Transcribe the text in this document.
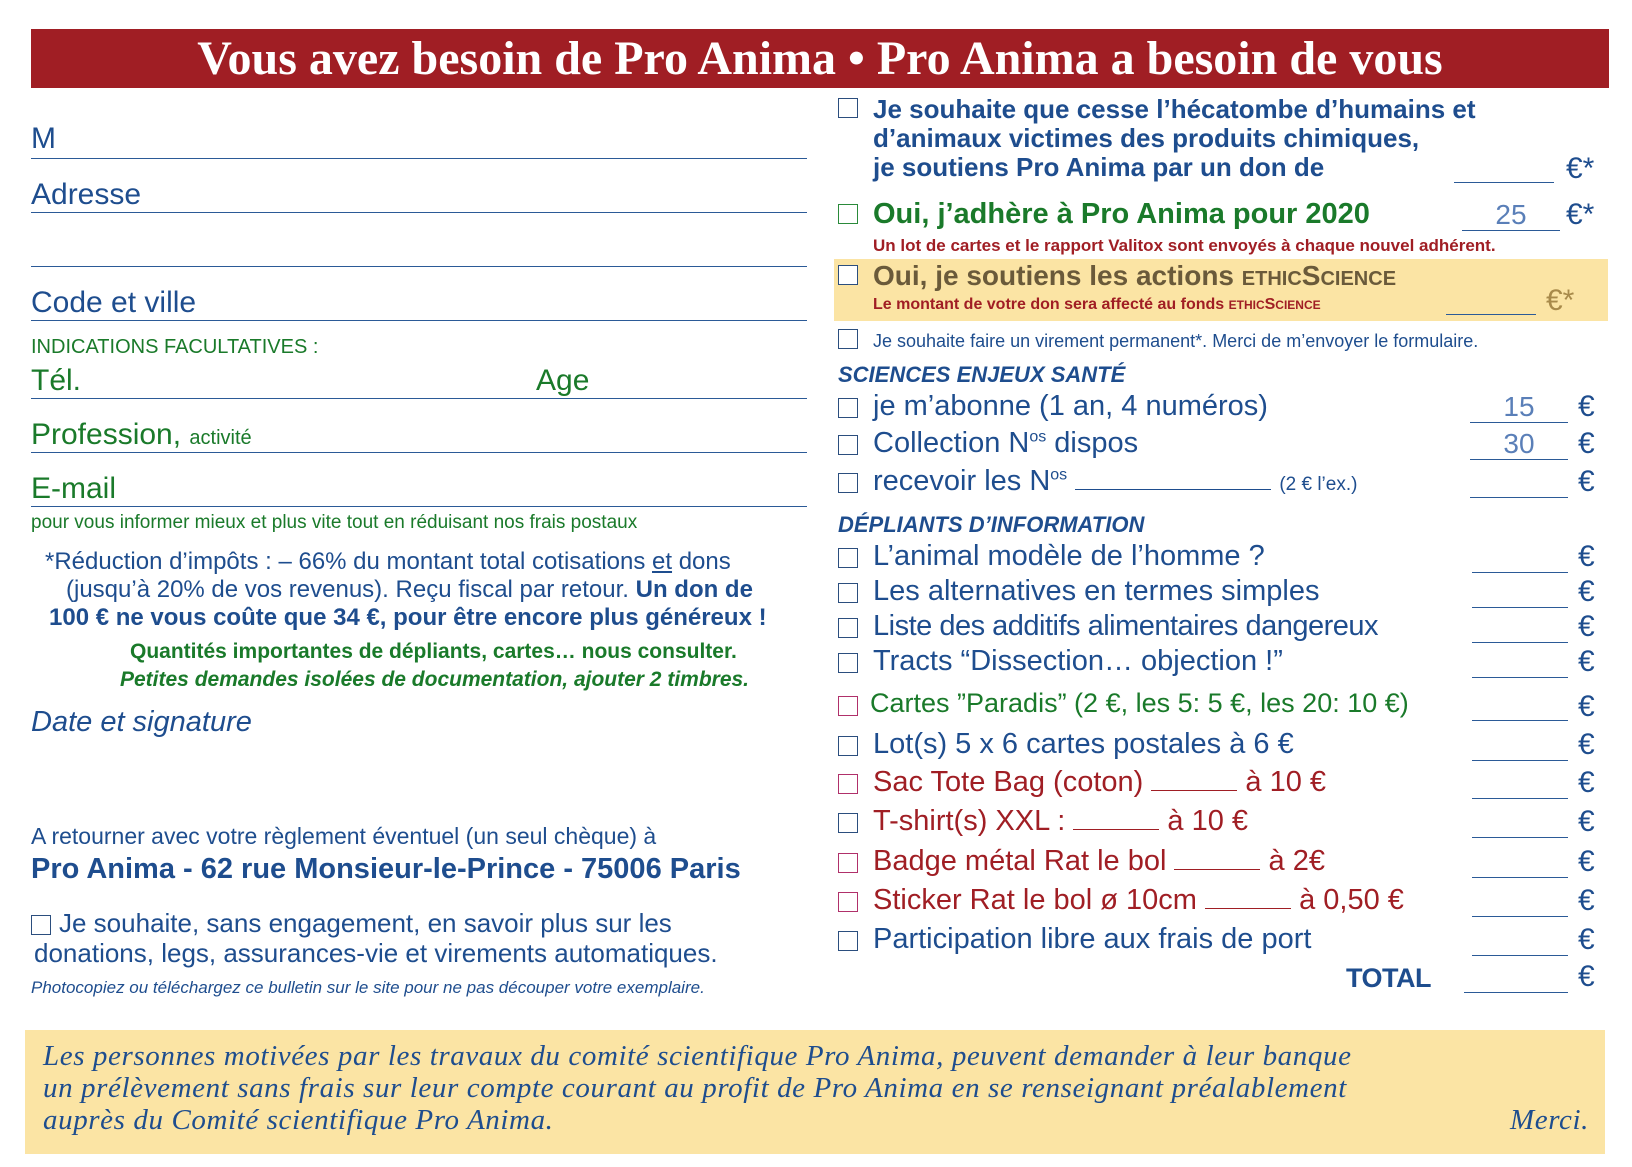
Vous avez besoin de Pro Anima • Pro Anima a besoin de vous
M
Adresse
Code et ville
INDICATIONS FACULTATIVES :
Tél.	Age
Profession, activité
E-mail
pour vous informer mieux et plus vite tout en réduisant nos frais postaux
*Réduction d’impôts : – 66% du montant total cotisations et dons
(jusqu’à 20% de vos revenus). Reçu fiscal par retour. Un don de
100 € ne vous coûte que 34 €, pour être encore plus généreux !
Quantités importantes de dépliants, cartes… nous consulter.
Petites demandes isolées de documentation, ajouter 2 timbres.
Date et signature
A retourner avec votre règlement éventuel (un seul chèque) à
Pro Anima - 62 rue Monsieur-le-Prince - 75006 Paris
Je souhaite, sans engagement, en savoir plus sur les
donations, legs, assurances-vie et virements automatiques.
Photocopiez ou téléchargez ce bulletin sur le site pour ne pas découper votre exemplaire.
Je souhaite que cesse l’hécatombe d’humains et
d’animaux victimes des produits chimiques,
je soutiens Pro Anima par un don de	€*
Oui, j’adhère à Pro Anima pour 2020	25	€*
Un lot de cartes et le rapport Valitox sont envoyés à chaque nouvel adhérent.
Oui, je soutiens les actions ETHICSCIENCE
Le montant de votre don sera affecté au fonds ETHICSCIENCE	€*
Je souhaite faire un virement permanent*. Merci de m’envoyer le formulaire.
SCIENCES ENJEUX SANTÉ
je m’abonne (1 an, 4 numéros)	15	€
Collection $N^{os}$ dispos	30	€
recevoir les $N^{os}$	(2 € l’ex.)	€
DÉPLIANTS D’INFORMATION
L’animal modèle de l’homme ?	€
Les alternatives en termes simples	€
Liste des additifs alimentaires dangereux	€
Tracts “Dissection… objection !”	€
Cartes ”Paradis” (2 €, les 5: 5 €, les 20: 10 €)	€
Lot(s) 5 x 6 cartes postales à 6 €	€
Sac Tote Bag (coton)	à 10 €	€
T-shirt(s) XXL :	à 10 €	€
Badge métal Rat le bol	à 2€	€
Sticker Rat le bol ø 10cm	à 0,50 €	€
Participation libre aux frais de port	€
TOTAL	€
Les personnes motivées par les travaux du comité scientifique Pro Anima, peuvent demander à leur banque
un prélèvement sans frais sur leur compte courant au profit de Pro Anima en se renseignant préalablement
auprès du Comité scientifique Pro Anima.	Merci.
